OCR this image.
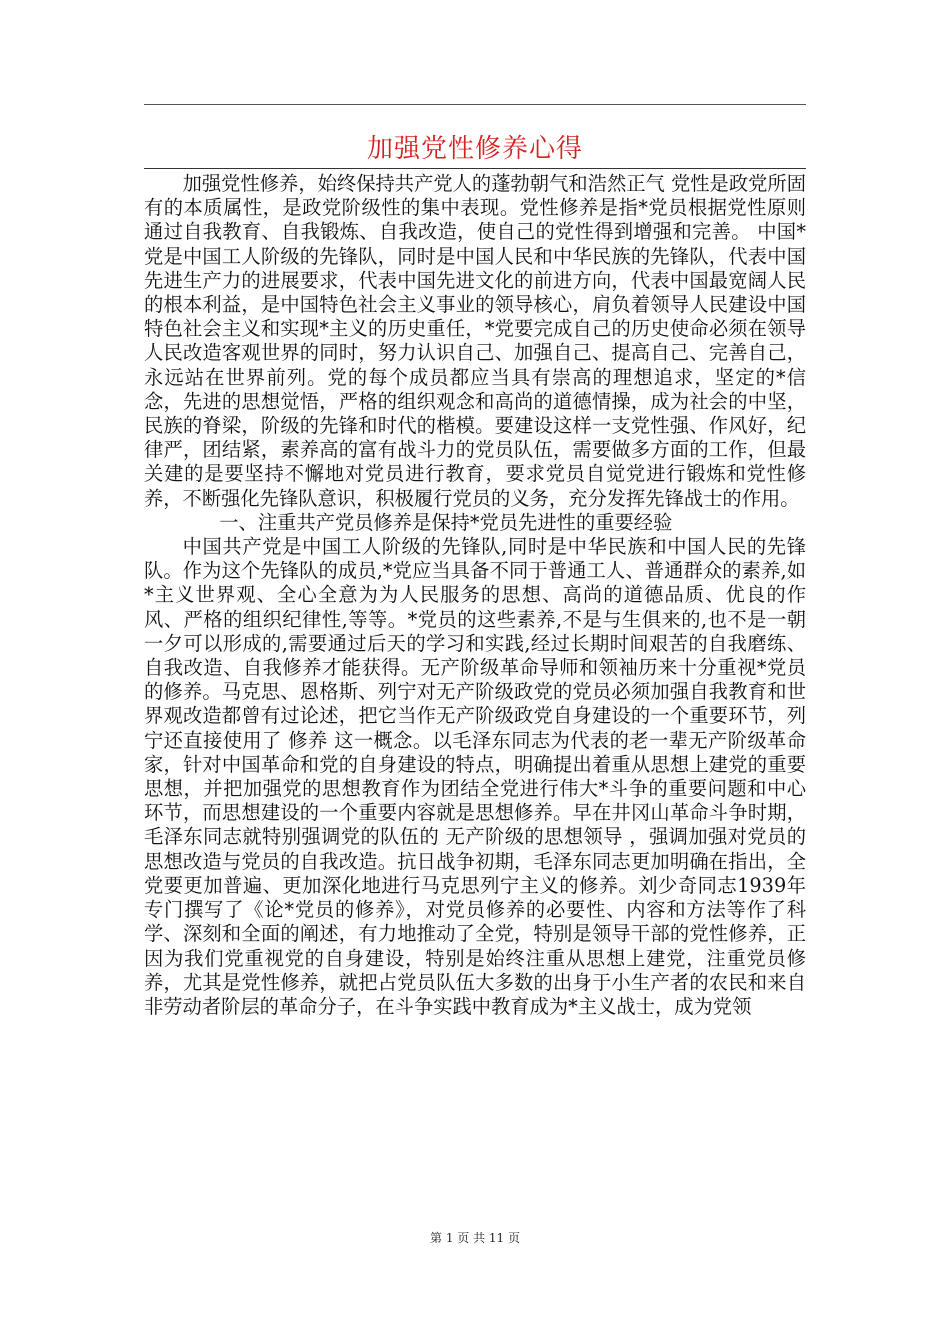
加强党性修养心得

加强党性修养，始终保持共产党人的蓬勃朝气和浩然正气 党性是政党所固有的本质属性，是政党阶级性的集中表现。党性修养是指*党员根据党性原则通过自我教育、自我锻炼、自我改造，使自己的党性得到增强和完善。 中国*党是中国工人阶级的先锋队，同时是中国人民和中华民族的先锋队，代表中国先进生产力的进展要求，代表中国先进文化的前进方向，代表中国最宽阔人民的根本利益，是中国特色社会主义事业的领导核心，肩负着领导人民建设中国特色社会主义和实现*主义的历史重任，*党要完成自己的历史使命必须在领导人民改造客观世界的同时，努力认识自己、加强自己、提高自己、完善自己，永远站在世界前列。党的每个成员都应当具有崇高的理想追求，坚定的*信念，先进的思想觉悟，严格的组织观念和高尚的道德情操，成为社会的中坚，民族的脊梁，阶级的先锋和时代的楷模。要建设这样一支党性强、作风好，纪律严，团结紧，素养高的富有战斗力的党员队伍，需要做多方面的工作，但最关建的是要坚持不懈地对党员进行教育，要求党员自觉党进行锻炼和党性修养，不断强化先锋队意识，积极履行党员的义务，充分发挥先锋战士的作用。

一、注重共产党员修养是保持*党员先进性的重要经验

中国共产党是中国工人阶级的先锋队,同时是中华民族和中国人民的先锋队。作为这个先锋队的成员,*党应当具备不同于普通工人、普通群众的素养,如*主义世界观、全心全意为为人民服务的思想、高尚的道德品质、优良的作风、严格的组织纪律性,等等。*党员的这些素养,不是与生俱来的,也不是一朝一夕可以形成的,需要通过后天的学习和实践,经过长期时间艰苦的自我磨练、自我改造、自我修养才能获得。无产阶级革命导师和领袖历来十分重视*党员的修养。马克思、恩格斯、列宁对无产阶级政党的党员必须加强自我教育和世界观改造都曾有过论述，把它当作无产阶级政党自身建设的一个重要环节，列宁还直接使用了 修养 这一概念。以毛泽东同志为代表的老一辈无产阶级革命家，针对中国革命和党的自身建设的特点，明确提出着重从思想上建党的重要思想，并把加强党的思想教育作为团结全党进行伟大*斗争的重要问题和中心环节，而思想建设的一个重要内容就是思想修养。早在井冈山革命斗争时期，毛泽东同志就特别强调党的队伍的 无产阶级的思想领导 ，强调加强对党员的思想改造与党员的自我改造。抗日战争初期，毛泽东同志更加明确在指出，全党要更加普遍、更加深化地进行马克思列宁主义的修养。刘少奇同志1939年专门撰写了《论*党员的修养》，对党员修养的必要性、内容和方法等作了科学、深刻和全面的阐述，有力地推动了全党，特别是领导干部的党性修养，正因为我们党重视党的自身建设，特别是始终注重从思想上建党，注重党员修养，尤其是党性修养，就把占党员队伍大多数的出身于小生产者的农民和来自非劳动者阶层的革命分子，在斗争实践中教育成为*主义战士，成为党领

第 1 页 共 11 页
